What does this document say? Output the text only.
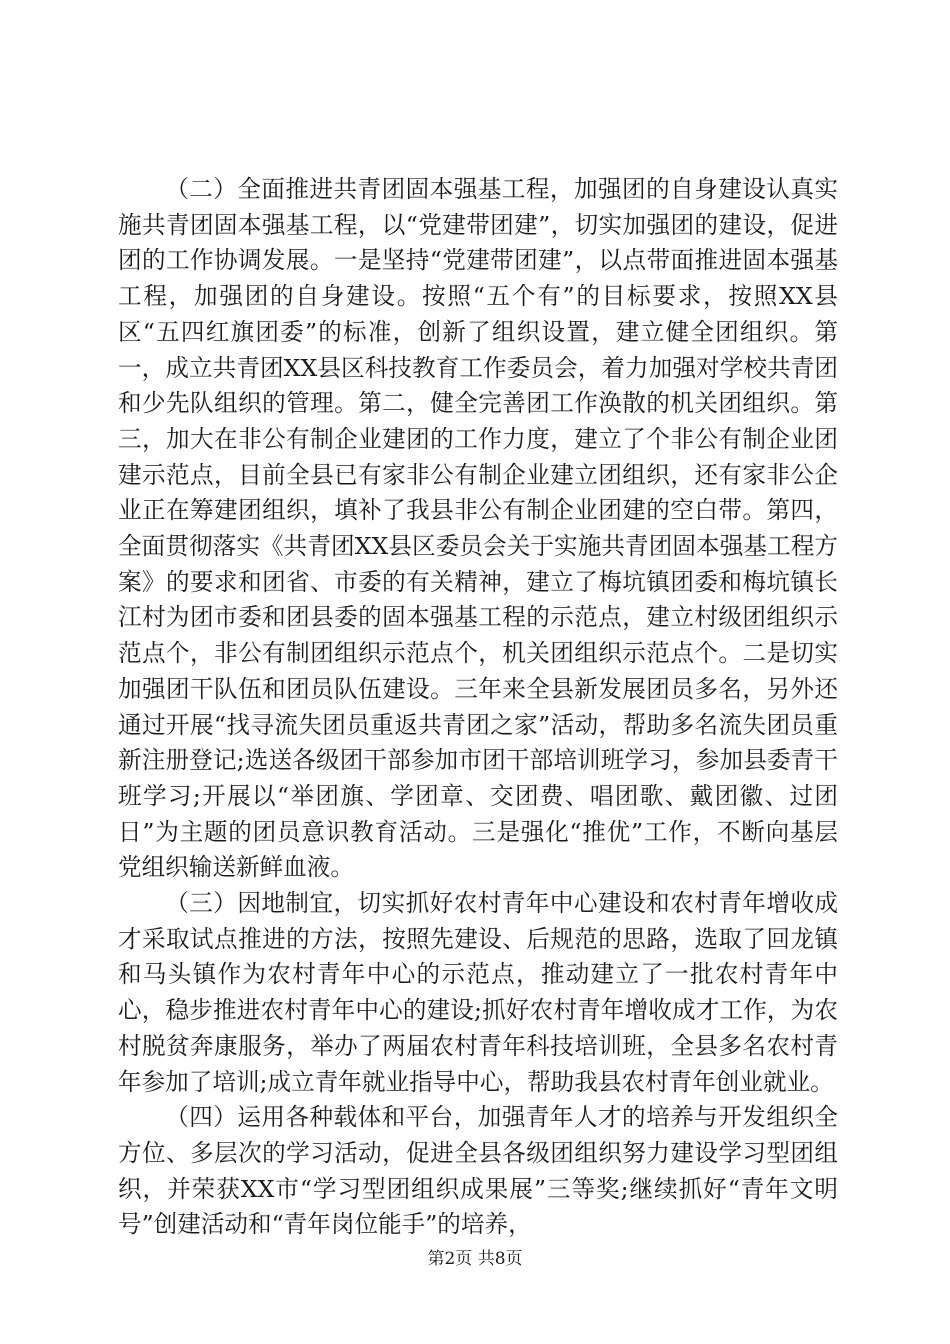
（二）全面推进共青团固本强基工程，加强团的自身建设认真实施共青团固本强基工程，以“党建带团建”，切实加强团的建设，促进团的工作协调发展。一是坚持“党建带团建”，以点带面推进固本强基工程，加强团的自身建设。按照“五个有”的目标要求，按照XX县区“五四红旗团委”的标准，创新了组织设置，建立健全团组织。第一，成立共青团XX县区科技教育工作委员会，着力加强对学校共青团和少先队组织的管理。第二，健全完善团工作涣散的机关团组织。第三，加大在非公有制企业建团的工作力度，建立了个非公有制企业团建示范点，目前全县已有家非公有制企业建立团组织，还有家非公企业正在筹建团组织，填补了我县非公有制企业团建的空白带。第四，全面贯彻落实《共青团XX县区委员会关于实施共青团固本强基工程方案》的要求和团省、市委的有关精神，建立了梅坑镇团委和梅坑镇长江村为团市委和团县委的固本强基工程的示范点，建立村级团组织示范点个，非公有制团组织示范点个，机关团组织示范点个。二是切实加强团干队伍和团员队伍建设。三年来全县新发展团员多名，另外还通过开展“找寻流失团员重返共青团之家”活动，帮助多名流失团员重新注册登记;选送各级团干部参加市团干部培训班学习，参加县委青干班学习;开展以“举团旗、学团章、交团费、唱团歌、戴团徽、过团日”为主题的团员意识教育活动。三是强化“推优”工作，不断向基层党组织输送新鲜血液。

（三）因地制宜，切实抓好农村青年中心建设和农村青年增收成才采取试点推进的方法，按照先建设、后规范的思路，选取了回龙镇和马头镇作为农村青年中心的示范点，推动建立了一批农村青年中心，稳步推进农村青年中心的建设;抓好农村青年增收成才工作，为农村脱贫奔康服务，举办了两届农村青年科技培训班，全县多名农村青年参加了培训;成立青年就业指导中心，帮助我县农村青年创业就业。

（四）运用各种载体和平台，加强青年人才的培养与开发组织全方位、多层次的学习活动，促进全县各级团组织努力建设学习型团组织，并荣获XX市“学习型团组织成果展”三等奖;继续抓好“青年文明号”创建活动和“青年岗位能手”的培养，

第2页 共8页
